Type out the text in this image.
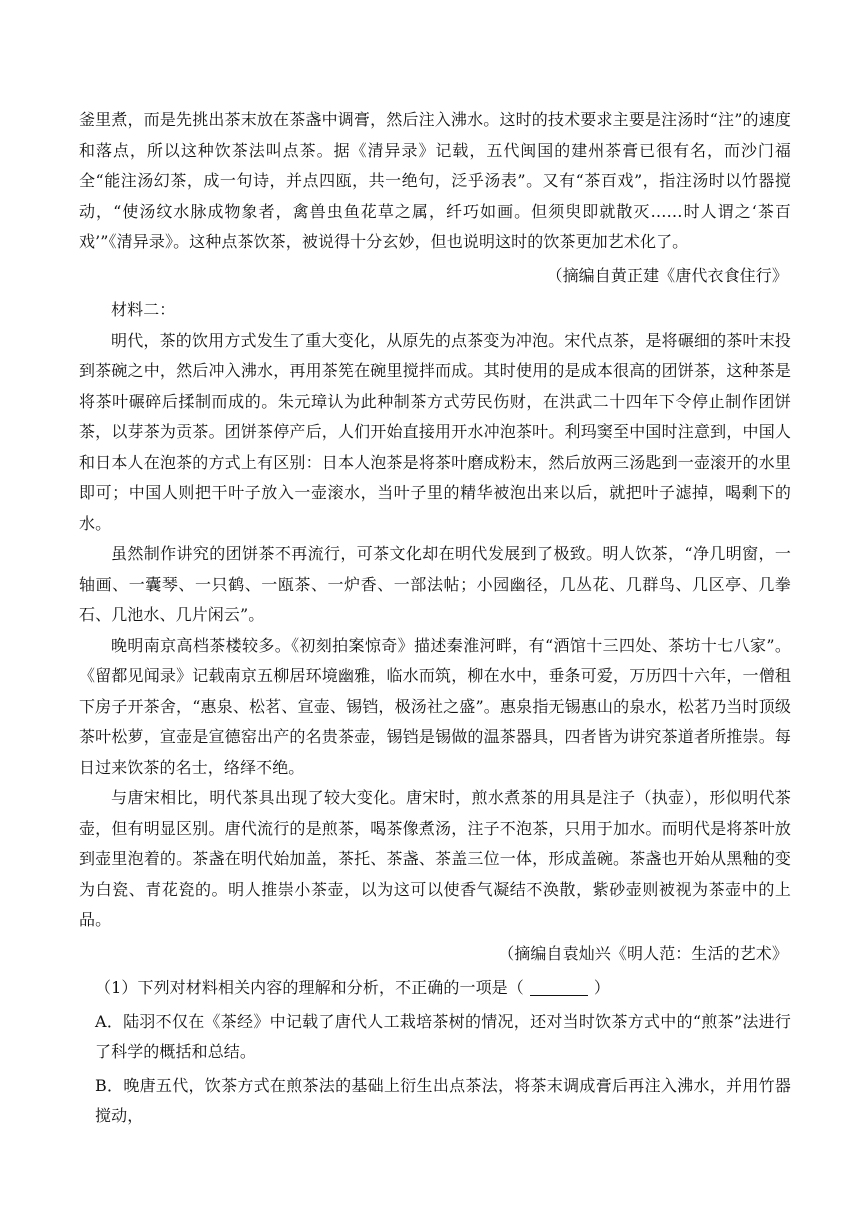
釜里煮，而是先挑出茶末放在茶盏中调膏，然后注入沸水。这时的技术要求主要是注汤时“注”的速度和落点，所以这种饮茶法叫点茶。据《清异录》记载，五代闽国的建州茶膏已很有名，而沙门福全“能注汤幻茶，成一句诗，并点四瓯，共一绝句，泛乎汤表”。又有“茶百戏”，指注汤时以竹器搅动，“使汤纹水脉成物象者，禽兽虫鱼花草之属，纤巧如画。但须臾即就散灭……时人谓之‘茶百戏’”《清异录》。这种点茶饮茶，被说得十分玄妙，但也说明这时的饮茶更加艺术化了。

（摘编自黄正建《唐代衣食住行》

材料二：

明代，茶的饮用方式发生了重大变化，从原先的点茶变为冲泡。宋代点茶，是将碾细的茶叶末投到茶碗之中，然后冲入沸水，再用茶筅在碗里搅拌而成。其时使用的是成本很高的团饼茶，这种茶是将茶叶碾碎后揉制而成的。朱元璋认为此种制茶方式劳民伤财，在洪武二十四年下令停止制作团饼茶，以芽茶为贡茶。团饼茶停产后，人们开始直接用开水冲泡茶叶。利玛窦至中国时注意到，中国人和日本人在泡茶的方式上有区别：日本人泡茶是将茶叶磨成粉末，然后放两三汤匙到一壶滚开的水里即可；中国人则把干叶子放入一壶滚水，当叶子里的精华被泡出来以后，就把叶子滤掉，喝剩下的水。

虽然制作讲究的团饼茶不再流行，可茶文化却在明代发展到了极致。明人饮茶，“净几明窗，一轴画、一囊琴、一只鹤、一瓯茶、一炉香、一部法帖；小园幽径，几丛花、几群鸟、几区亭、几拳石、几池水、几片闲云”。

晚明南京高档茶楼较多。《初刻拍案惊奇》描述秦淮河畔，有“酒馆十三四处、茶坊十七八家”。《留都见闻录》记载南京五柳居环境幽雅，临水而筑，柳在水中，垂条可爱，万历四十六年，一僧租下房子开茶舍，“惠泉、松茗、宣壶、锡铛，极汤社之盛”。惠泉指无锡惠山的泉水，松茗乃当时顶级茶叶松萝，宣壶是宣德窑出产的名贵茶壶，锡铛是锡做的温茶器具，四者皆为讲究茶道者所推崇。每日过来饮茶的名士，络绎不绝。

与唐宋相比，明代茶具出现了较大变化。唐宋时，煎水煮茶的用具是注子（执壶），形似明代茶壶，但有明显区别。唐代流行的是煎茶，喝茶像煮汤，注子不泡茶，只用于加水。而明代是将茶叶放到壶里泡着的。茶盏在明代始加盖，茶托、茶盏、茶盖三位一体，形成盖碗。茶盏也开始从黑釉的变为白瓷、青花瓷的。明人推崇小茶壶，以为这可以使香气凝结不涣散，紫砂壶则被视为茶壶中的上品。

（摘编自袁灿兴《明人范：生活的艺术》

（1）下列对材料相关内容的理解和分析，不正确的一项是（	）

A．陆羽不仅在《茶经》中记载了唐代人工栽培茶树的情况，还对当时饮茶方式中的“煎茶”法进行了科学的概括和总结。

B．晚唐五代，饮茶方式在煎茶法的基础上衍生出点茶法，将茶末调成膏后再注入沸水，并用竹器搅动，
